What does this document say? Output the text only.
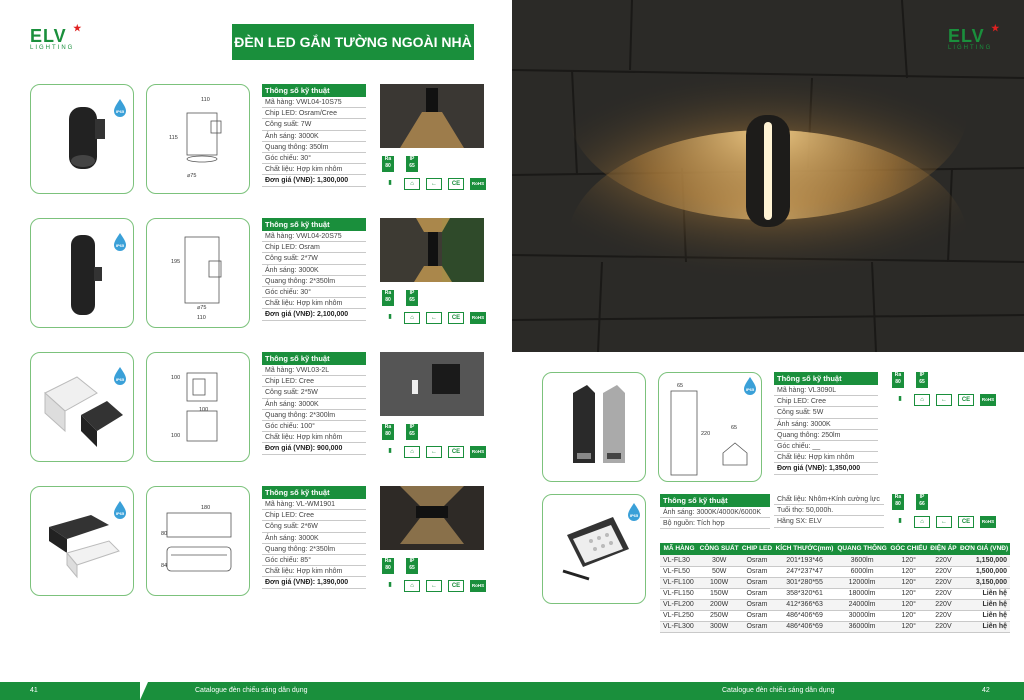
ELV ★
LIGHTING	ĐÈN LED GẮN TƯỜNG NGOÀI NHÀ
IP65
110
115
⌀75
Thông số kỹ thuật
Mã hàng: VWL04-10S75
Chip LED: Osram/Cree
Công suất: 7W
Ánh sáng: 3000K
Quang thông: 350lm
Góc chiếu: 30°
Chất liệu: Hợp kim nhôm
Đơn giá (VNĐ): 1,300,000
Ra
80
IP
65
▮	⌂	←	CE	RoHS
IP65
195
⌀75
110
Thông số kỹ thuật
Mã hàng: VWL04-20S75
Chip LED: Osram
Công suất: 2*7W
Ánh sáng: 3000K
Quang thông: 2*350lm
Góc chiếu: 30°
Chất liệu: Hợp kim nhôm
Đơn giá (VNĐ): 2,100,000
Ra
80
IP
65
▮	⌂	←	CE	RoHS
IP65	100
100
100
Thông số kỹ thuật
Mã hàng: VWL03-2L
Chip LED: Cree
Công suất: 2*5W
Ánh sáng: 3000K
Quang thông: 2*300lm
Góc chiếu: 100°
Chất liệu: Hợp kim nhôm
Đơn giá (VNĐ): 900,000
Ra
80
IP
65
▮	⌂	←	CE	RoHS
IP65
180
80
84
Thông số kỹ thuật
Mã hàng: VL-WM1901
Chip LED: Cree
Công suất: 2*6W
Ánh sáng: 3000K
Quang thông: 2*350lm
Góc chiếu: 85°
Chất liệu: Hợp kim nhôm
Đơn giá (VNĐ): 1,390,000
Ra
80
IP
65
▮	⌂	←	CE	RoHS
41	Catalogue đèn chiếu sáng dân dụng
ELV ★
LIGHTING
IP65
65
220
65
Thông số kỹ thuật
Mã hàng: VL3090L
Chip LED: Cree
Công suất: 5W
Ánh sáng: 3000K
Quang thông: 250lm
Góc chiếu: __
Chất liệu: Hợp kim nhôm
Đơn giá (VNĐ): 1,350,000
Ra
80
IP
65
▮	⌂	←	CE	RoHS
IP65
Thông số kỹ thuật
Ánh sáng: 3000K/4000K/6000K
Bộ nguồn: Tích hợp
Chất liệu: Nhôm+Kính cường lực
Tuổi thọ: 50,000h.
Hãng SX: ELV
Ra
80
IP
66
▮	⌂	←	CE	RoHS
MÃ HÀNG	CÔNG SUẤT	CHIP LED	KÍCH THƯỚC(mm)	QUANG THÔNG	GÓC CHIẾU	ĐIỆN ÁP	ĐƠN GIÁ (VNĐ)
VL-FL30	30W	Osram	201*193*46	3600lm	120°	220V	1,150,000
VL-FL50	50W	Osram	247*237*47	6000lm	120°	220V	1,500,000
VL-FL100	100W	Osram	301*280*55	12000lm	120°	220V	3,150,000
VL-FL150	150W	Osram	358*320*61	18000lm	120°	220V	Liên hệ
VL-FL200	200W	Osram	412*366*63	24000lm	120°	220V	Liên hệ
VL-FL250	250W	Osram	486*406*69	30000lm	120°	220V	Liên hệ
VL-FL300	300W	Osram	486*406*69	36000lm	120°	220V	Liên hệ
Catalogue đèn chiếu sáng dân dụng	42
